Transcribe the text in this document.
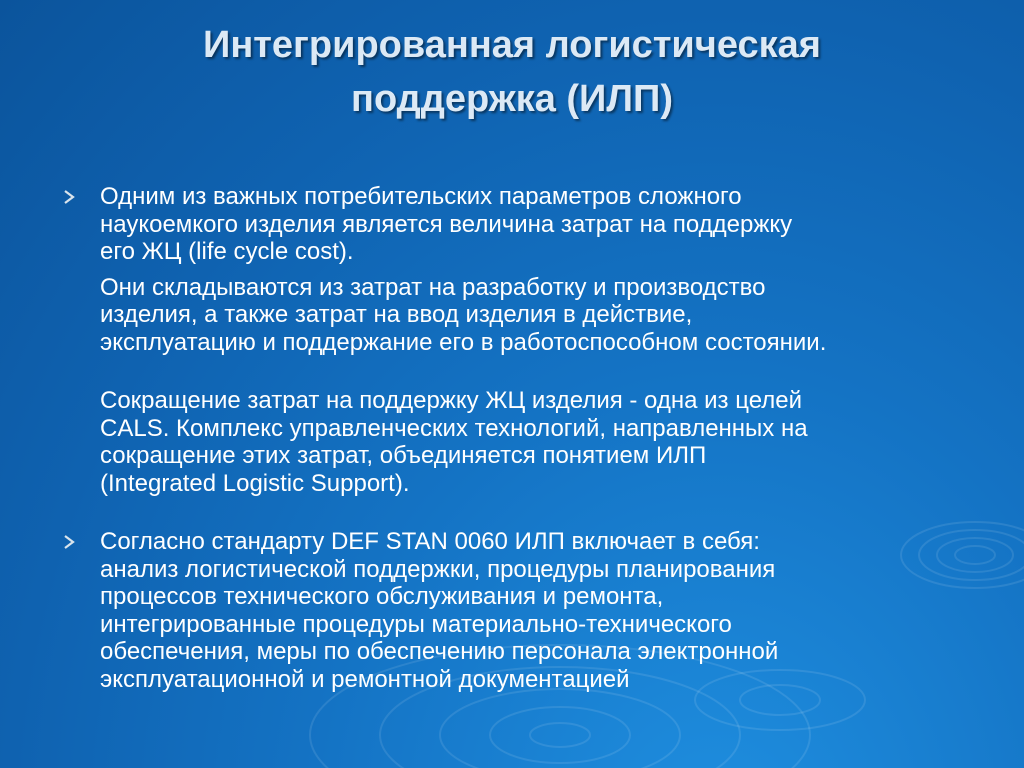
Интегрированная логистическая
поддержка (ИЛП)

Одним из важных потребительских параметров сложного
наукоемкого изделия является величина затрат на поддержку
его ЖЦ (life cycle cost).

Они складываются из затрат на разработку и производство
изделия, а также затрат на ввод изделия в действие,
эксплуатацию и поддержание его в работоспособном состоянии.

Сокращение затрат на поддержку ЖЦ изделия - одна из целей
CALS. Комплекс управленческих технологий, направленных на
сокращение этих затрат, объединяется понятием ИЛП
(Integrated Logistic Support).

Согласно стандарту DEF STAN 0060 ИЛП включает в себя:
анализ логистической поддержки, процедуры планирования
процессов технического обслуживания и ремонта,
интегрированные процедуры материально-технического
обеспечения, меры по обеспечению персонала электронной
эксплуатационной и ремонтной документацией
